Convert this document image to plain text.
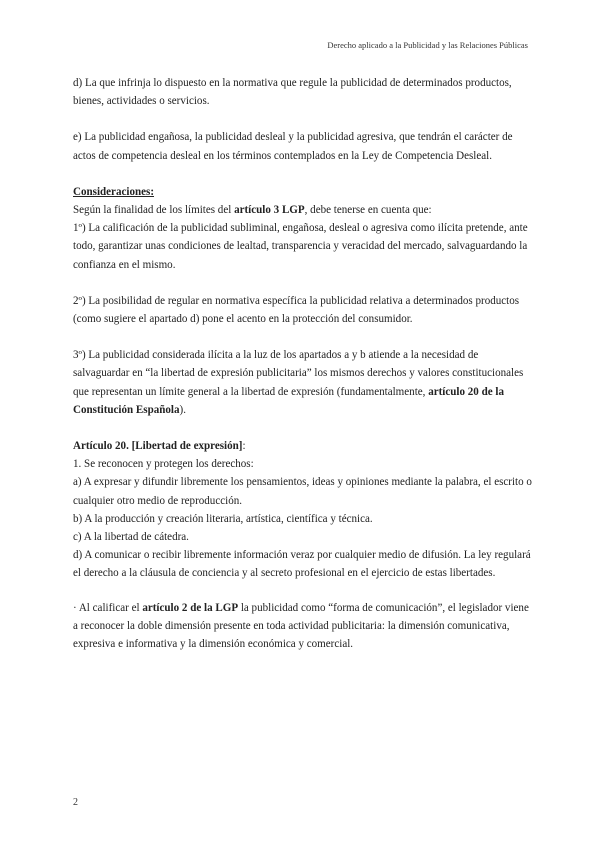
Derecho aplicado a la Publicidad y las Relaciones Públicas

d) La que infrinja lo dispuesto en la normativa que regule la publicidad de determinados productos, bienes, actividades o servicios.

e) La publicidad engañosa, la publicidad desleal y la publicidad agresiva, que tendrán el carácter de actos de competencia desleal en los términos contemplados en la Ley de Competencia Desleal.

Consideraciones:

Según la finalidad de los límites del artículo 3 LGP, debe tenerse en cuenta que:

1º) La calificación de la publicidad subliminal, engañosa, desleal o agresiva como ilícita pretende, ante todo, garantizar unas condiciones de lealtad, transparencia y veracidad del mercado, salvaguardando la confianza en el mismo.

2º) La posibilidad de regular en normativa específica la publicidad relativa a determinados productos (como sugiere el apartado d) pone el acento en la protección del consumidor.

3º) La publicidad considerada ilícita a la luz de los apartados a y b atiende a la necesidad de salvaguardar en “la libertad de expresión publicitaria” los mismos derechos y valores constitucionales que representan un límite general a la libertad de expresión (fundamentalmente, artículo 20 de la Constitución Española).

Artículo 20. [Libertad de expresión]:

1. Se reconocen y protegen los derechos:

a) A expresar y difundir libremente los pensamientos, ideas y opiniones mediante la palabra, el escrito o cualquier otro medio de reproducción.

b) A la producción y creación literaria, artística, científica y técnica.

c) A la libertad de cátedra.

d) A comunicar o recibir libremente información veraz por cualquier medio de difusión. La ley regulará el derecho a la cláusula de conciencia y al secreto profesional en el ejercicio de estas libertades.

· Al calificar el artículo 2 de la LGP la publicidad como “forma de comunicación”, el legislador viene a reconocer la doble dimensión presente en toda actividad publicitaria: la dimensión comunicativa, expresiva e informativa y la dimensión económica y comercial.

2
